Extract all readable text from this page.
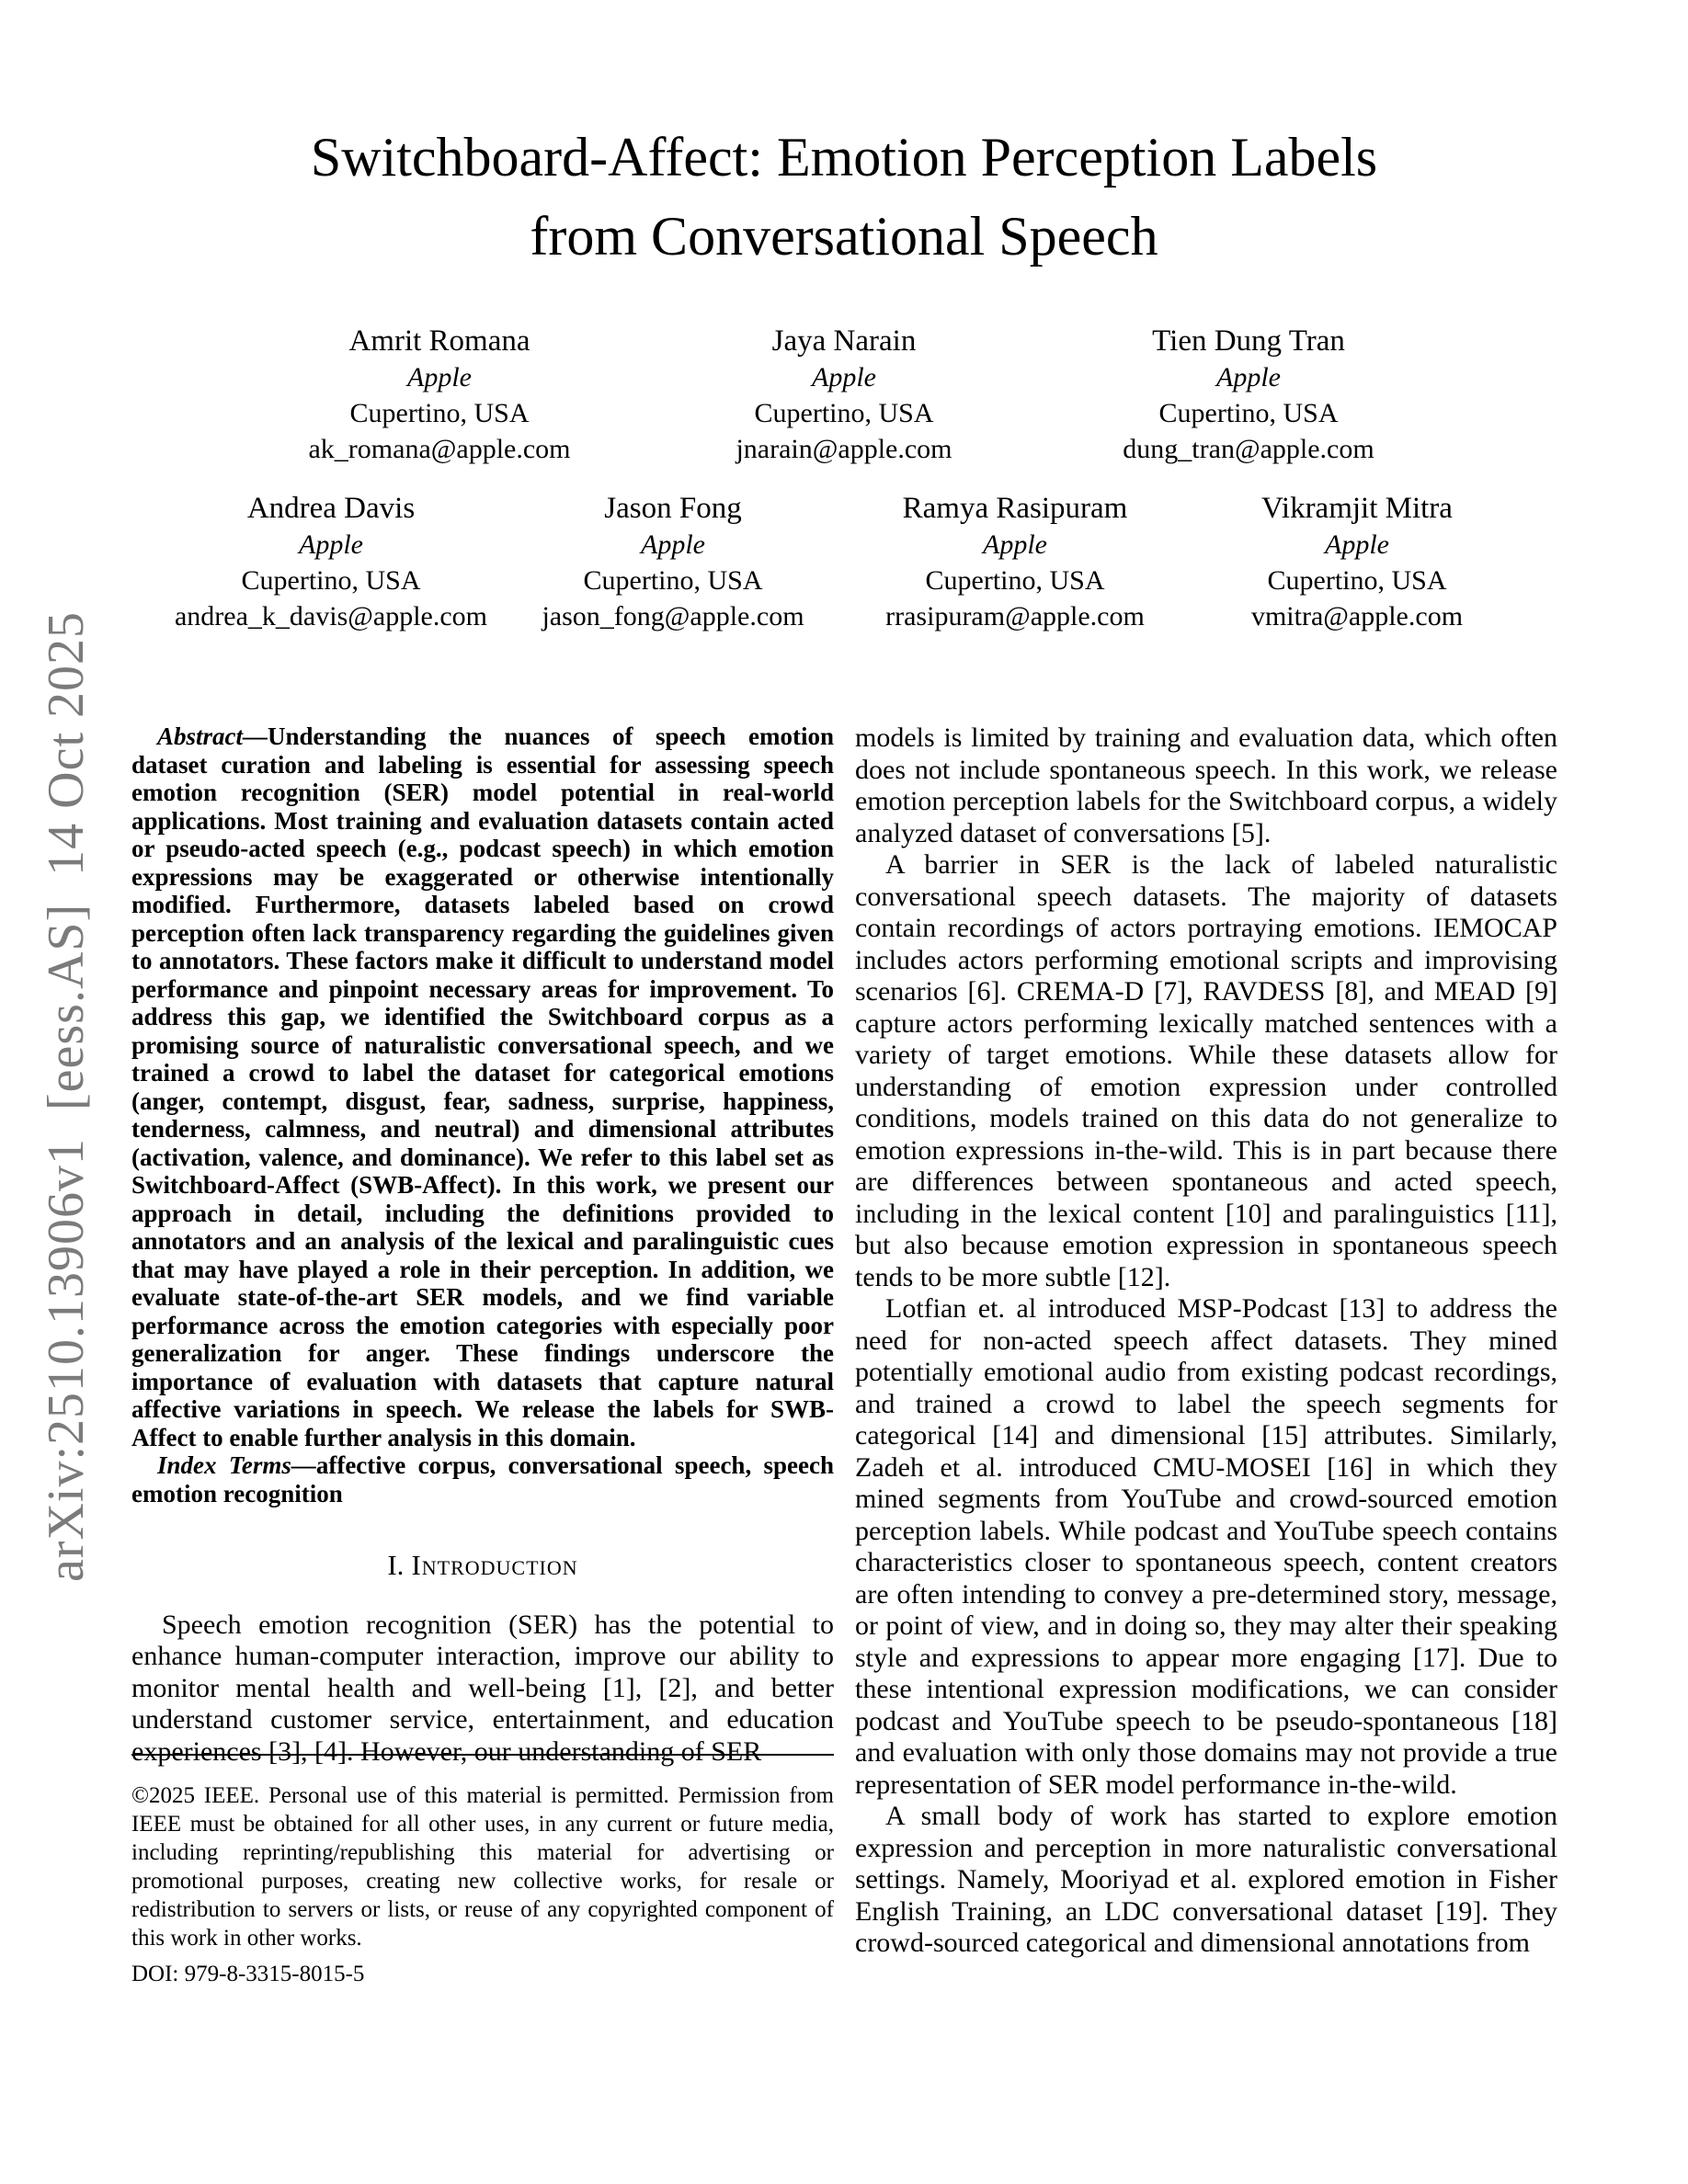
arXiv:2510.13906v1  [eess.AS]  14 Oct 2025
Switchboard-Affect: Emotion Perception Labels
from Conversational Speech
Amrit Romana
Apple
Cupertino, USA
ak_romana@apple.com
Jaya Narain
Apple
Cupertino, USA
jnarain@apple.com
Tien Dung Tran
Apple
Cupertino, USA
dung_tran@apple.com
Andrea Davis
Apple
Cupertino, USA
andrea_k_davis@apple.com
Jason Fong
Apple
Cupertino, USA
jason_fong@apple.com
Ramya Rasipuram
Apple
Cupertino, USA
rrasipuram@apple.com
Vikramjit Mitra
Apple
Cupertino, USA
vmitra@apple.com

Abstract—Understanding the nuances of speech emotion dataset curation and labeling is essential for assessing speech emotion recognition (SER) model potential in real-world applications. Most training and evaluation datasets contain acted or pseudo-acted speech (e.g., podcast speech) in which emotion expressions may be exaggerated or otherwise intentionally modified. Furthermore, datasets labeled based on crowd perception often lack transparency regarding the guidelines given to annotators. These factors make it difficult to understand model performance and pinpoint necessary areas for improvement. To address this gap, we identified the Switchboard corpus as a promising source of naturalistic conversational speech, and we trained a crowd to label the dataset for categorical emotions (anger, contempt, disgust, fear, sadness, surprise, happiness, tenderness, calmness, and neutral) and dimensional attributes (activation, valence, and dominance). We refer to this label set as Switchboard-Affect (SWB-Affect). In this work, we present our approach in detail, including the definitions provided to annotators and an analysis of the lexical and paralinguistic cues that may have played a role in their perception. In addition, we evaluate state-of-the-art SER models, and we find variable performance across the emotion categories with especially poor generalization for anger. These findings underscore the importance of evaluation with datasets that capture natural affective variations in speech. We release the labels for SWB-Affect to enable further analysis in this domain.

Index Terms—affective corpus, conversational speech, speech emotion recognition

I. Introduction

Speech emotion recognition (SER) has the potential to enhance human-computer interaction, improve our ability to monitor mental health and well-being [1], [2], and better understand customer service, entertainment, and education experiences [3], [4]. However, our understanding of SER

©2025 IEEE. Personal use of this material is permitted. Permission from IEEE must be obtained for all other uses, in any current or future media, including reprinting/republishing this material for advertising or promotional purposes, creating new collective works, for resale or redistribution to servers or lists, or reuse of any copyrighted component of this work in other works.

DOI: 979-8-3315-8015-5

models is limited by training and evaluation data, which often does not include spontaneous speech. In this work, we release emotion perception labels for the Switchboard corpus, a widely analyzed dataset of conversations [5].

A barrier in SER is the lack of labeled naturalistic conversational speech datasets. The majority of datasets contain recordings of actors portraying emotions. IEMOCAP includes actors performing emotional scripts and improvising scenarios [6]. CREMA-D [7], RAVDESS [8], and MEAD [9] capture actors performing lexically matched sentences with a variety of target emotions. While these datasets allow for understanding of emotion expression under controlled conditions, models trained on this data do not generalize to emotion expressions in-the-wild. This is in part because there are differences between spontaneous and acted speech, including in the lexical content [10] and paralinguistics [11], but also because emotion expression in spontaneous speech tends to be more subtle [12].

Lotfian et. al introduced MSP-Podcast [13] to address the need for non-acted speech affect datasets. They mined potentially emotional audio from existing podcast recordings, and trained a crowd to label the speech segments for categorical [14] and dimensional [15] attributes. Similarly, Zadeh et al. introduced CMU-MOSEI [16] in which they mined segments from YouTube and crowd-sourced emotion perception labels. While podcast and YouTube speech contains characteristics closer to spontaneous speech, content creators are often intending to convey a pre-determined story, message, or point of view, and in doing so, they may alter their speaking style and expressions to appear more engaging [17]. Due to these intentional expression modifications, we can consider podcast and YouTube speech to be pseudo-spontaneous [18] and evaluation with only those domains may not provide a true representation of SER model performance in-the-wild.

A small body of work has started to explore emotion expression and perception in more naturalistic conversational settings. Namely, Mooriyad et al. explored emotion in Fisher English Training, an LDC conversational dataset [19]. They crowd-sourced categorical and dimensional annotations from
